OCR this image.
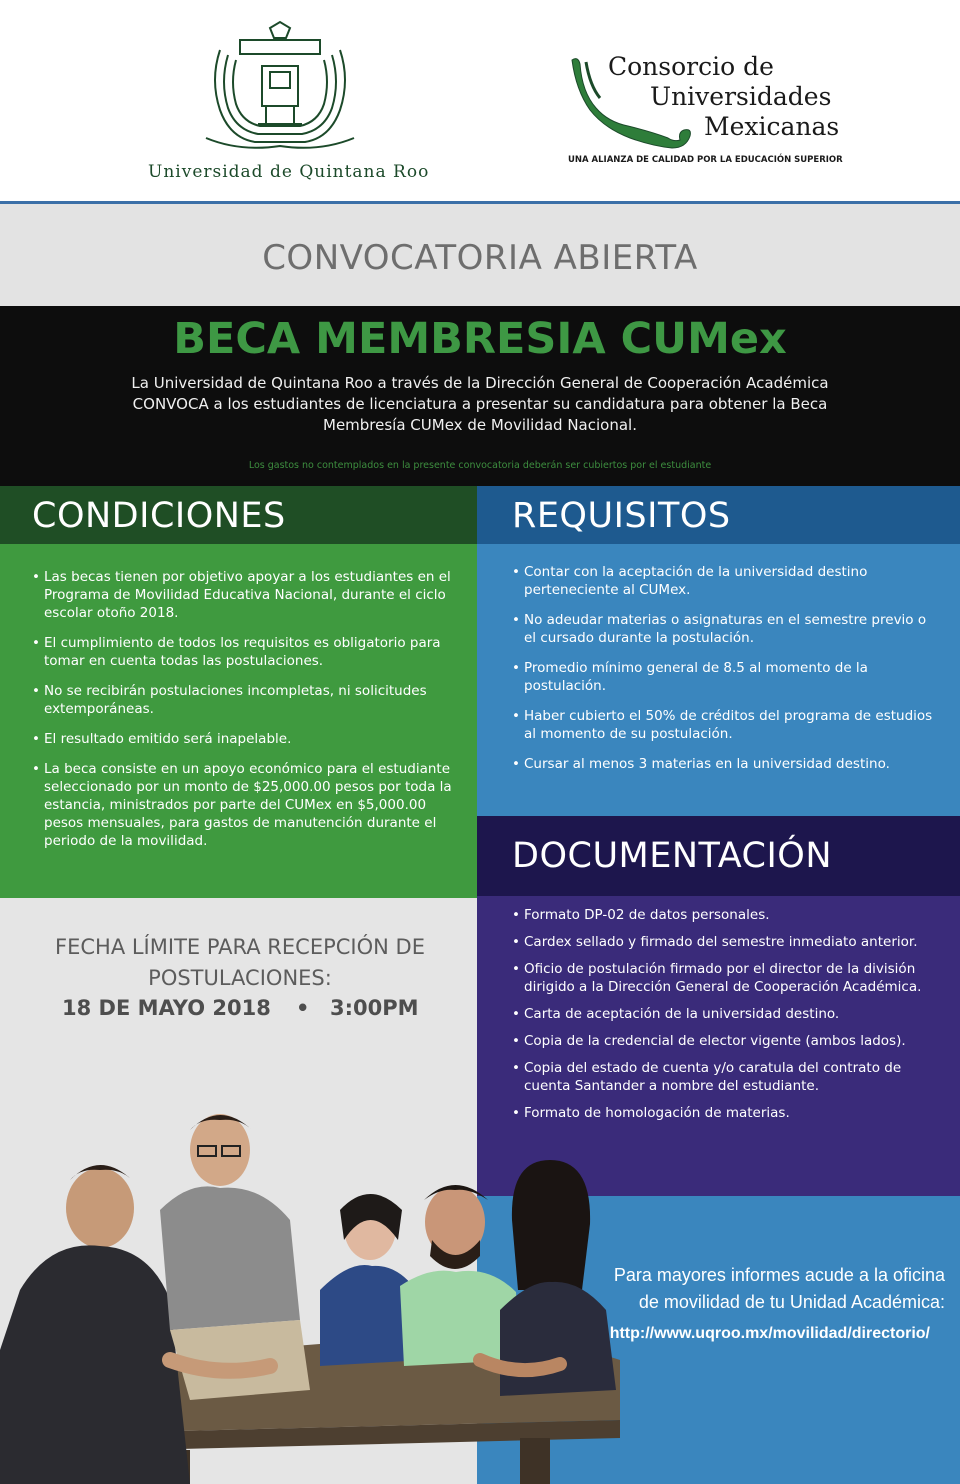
Universidad de Quintana Roo
Consorcio de
Universidades
Mexicanas
UNA ALIANZA DE CALIDAD POR LA EDUCACIÓN SUPERIOR
CONVOCATORIA ABIERTA
BECA MEMBRESIA CUMex
La Universidad de Quintana Roo a través de la Dirección General de Cooperación Académica CONVOCA a los estudiantes de licenciatura a presentar su candidatura para obtener la Beca Membresía CUMex de Movilidad Nacional.
Los gastos no contemplados en la presente convocatoria deberán ser cubiertos por el estudiante
CONDICIONES
• Las becas tienen por objetivo apoyar a los estudiantes en el Programa de Movilidad Educativa Nacional, durante el ciclo escolar otoño 2018.
• El cumplimiento de todos los requisitos es obligatorio para tomar en cuenta todas las postulaciones.
• No se recibirán postulaciones incompletas, ni solicitudes extemporáneas.
• El resultado emitido será inapelable.
• La beca consiste en un apoyo económico para el estudiante seleccionado por un monto de $25,000.00 pesos por toda la estancia, ministrados por parte del CUMex en $5,000.00 pesos mensuales, para gastos de manutención durante el periodo de la movilidad.
REQUISITOS
• Contar con la aceptación de la universidad destino perteneciente al CUMex.
• No adeudar materias o asignaturas en el semestre previo o el cursado durante la postulación.
• Promedio mínimo general de 8.5 al momento de la postulación.
• Haber cubierto el 50% de créditos del programa de estudios al momento de su postulación.
• Cursar al menos 3 materias en la universidad destino.
DOCUMENTACIÓN
• Formato DP-02 de datos personales.
• Cardex sellado y firmado del semestre inmediato anterior.
• Oficio de postulación firmado por el director de la división dirigido a la Dirección General de Cooperación Académica.
• Carta de aceptación de la universidad destino.
• Copia de la credencial de elector vigente (ambos lados).
• Copia del estado de cuenta y/o caratula del contrato de cuenta Santander a nombre del estudiante.
• Formato de homologación de materias.
FECHA LÍMITE PARA RECEPCIÓN DE POSTULACIONES:
18 DE MAYO 2018 • 3:00PM
Para mayores informes acude a la oficina de movilidad de tu Unidad Académica:
http://www.uqroo.mx/movilidad/directorio/
